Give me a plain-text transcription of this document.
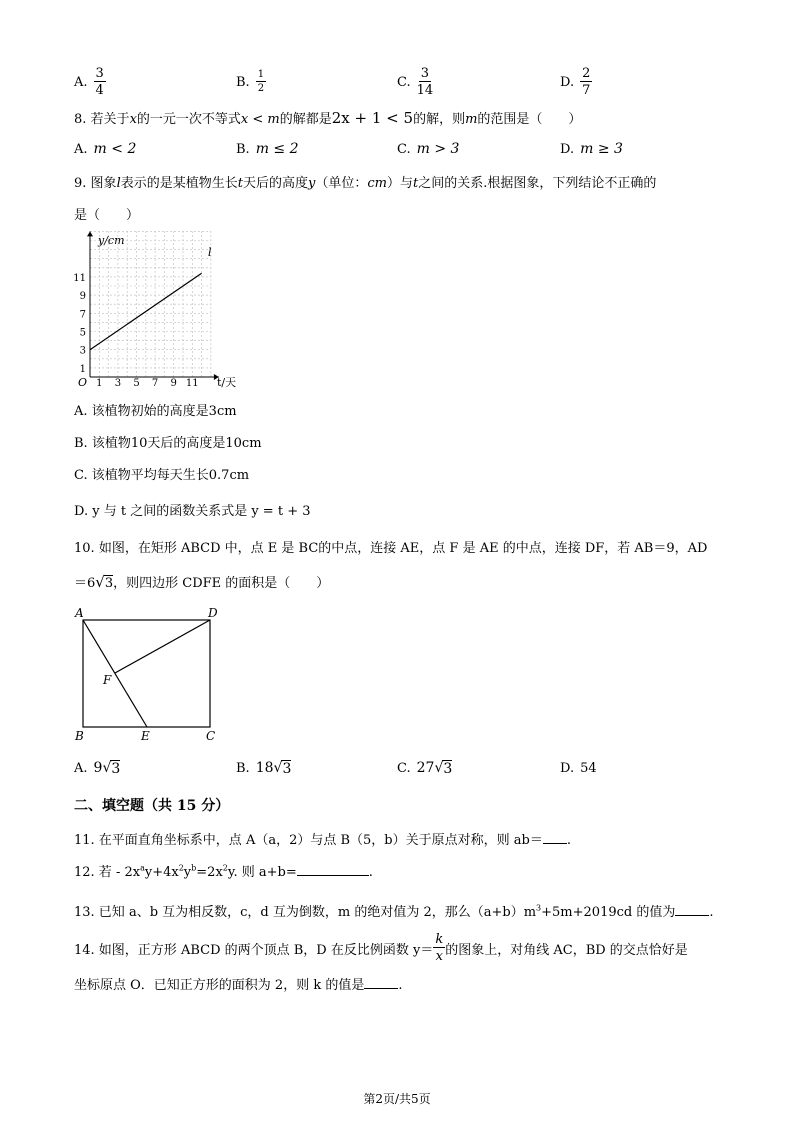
A. $\frac{3}{4}$	B. $\frac{1}{2}$	C. $\frac{3}{14}$	D. $\frac{2}{7}$
8. 若关于x的一元一次不等式x < m的解都是2x + 1 < 5的解，则m的范围是（　　）
A. m < 2	B. m ≤ 2	C. m > 3	D. m ≥ 3
9. 图象l表示的是某植物生长t天后的高度y（单位：cm）与t之间的关系.根据图象，下列结论不正确的
是（　　）
1 3 5 7 9 11
1
3
5
7
9
11
y/cm
t/天
O
l
A. 该植物初始的高度是3cm
B. 该植物10天后的高度是10cm
C. 该植物平均每天生长0.7cm
D. y 与 t 之间的函数关系式是 y = t + 3
10. 如图，在矩形 ABCD 中，点 E 是 BC的中点，连接 AE，点 F 是 AE 的中点，连接 DF，若 AB＝9，AD
＝6√3，则四边形 CDFE 的面积是（　　）
A	D
F
B	E	C
A. 9 √ 3	B. 18 √ 3	C. 27 √ 3	D. 54
二、填空题（共 15 分）
11. 在平面直角坐标系中，点 A（a，2）与点 B（5，b）关于原点对称，则 ab＝ .
12. 若 - $2x^ay+4x^2y^b=2x^2y$. 则 a+b=	.
13. 已知 a、b 互为相反数，c，d 互为倒数，m 的绝对值为 2，那么$(a+b)m^3+5m+2019cd$ 的值为	.
14. 如图，正方形 ABCD 的两个顶点 B，D 在反比例函数 $y= \frac{k}{x}$ 的图象上，对角线 AC，BD 的交点恰好是
坐标原点 O．已知正方形的面积为 2，则 k 的值是	.
第2页/共5页
